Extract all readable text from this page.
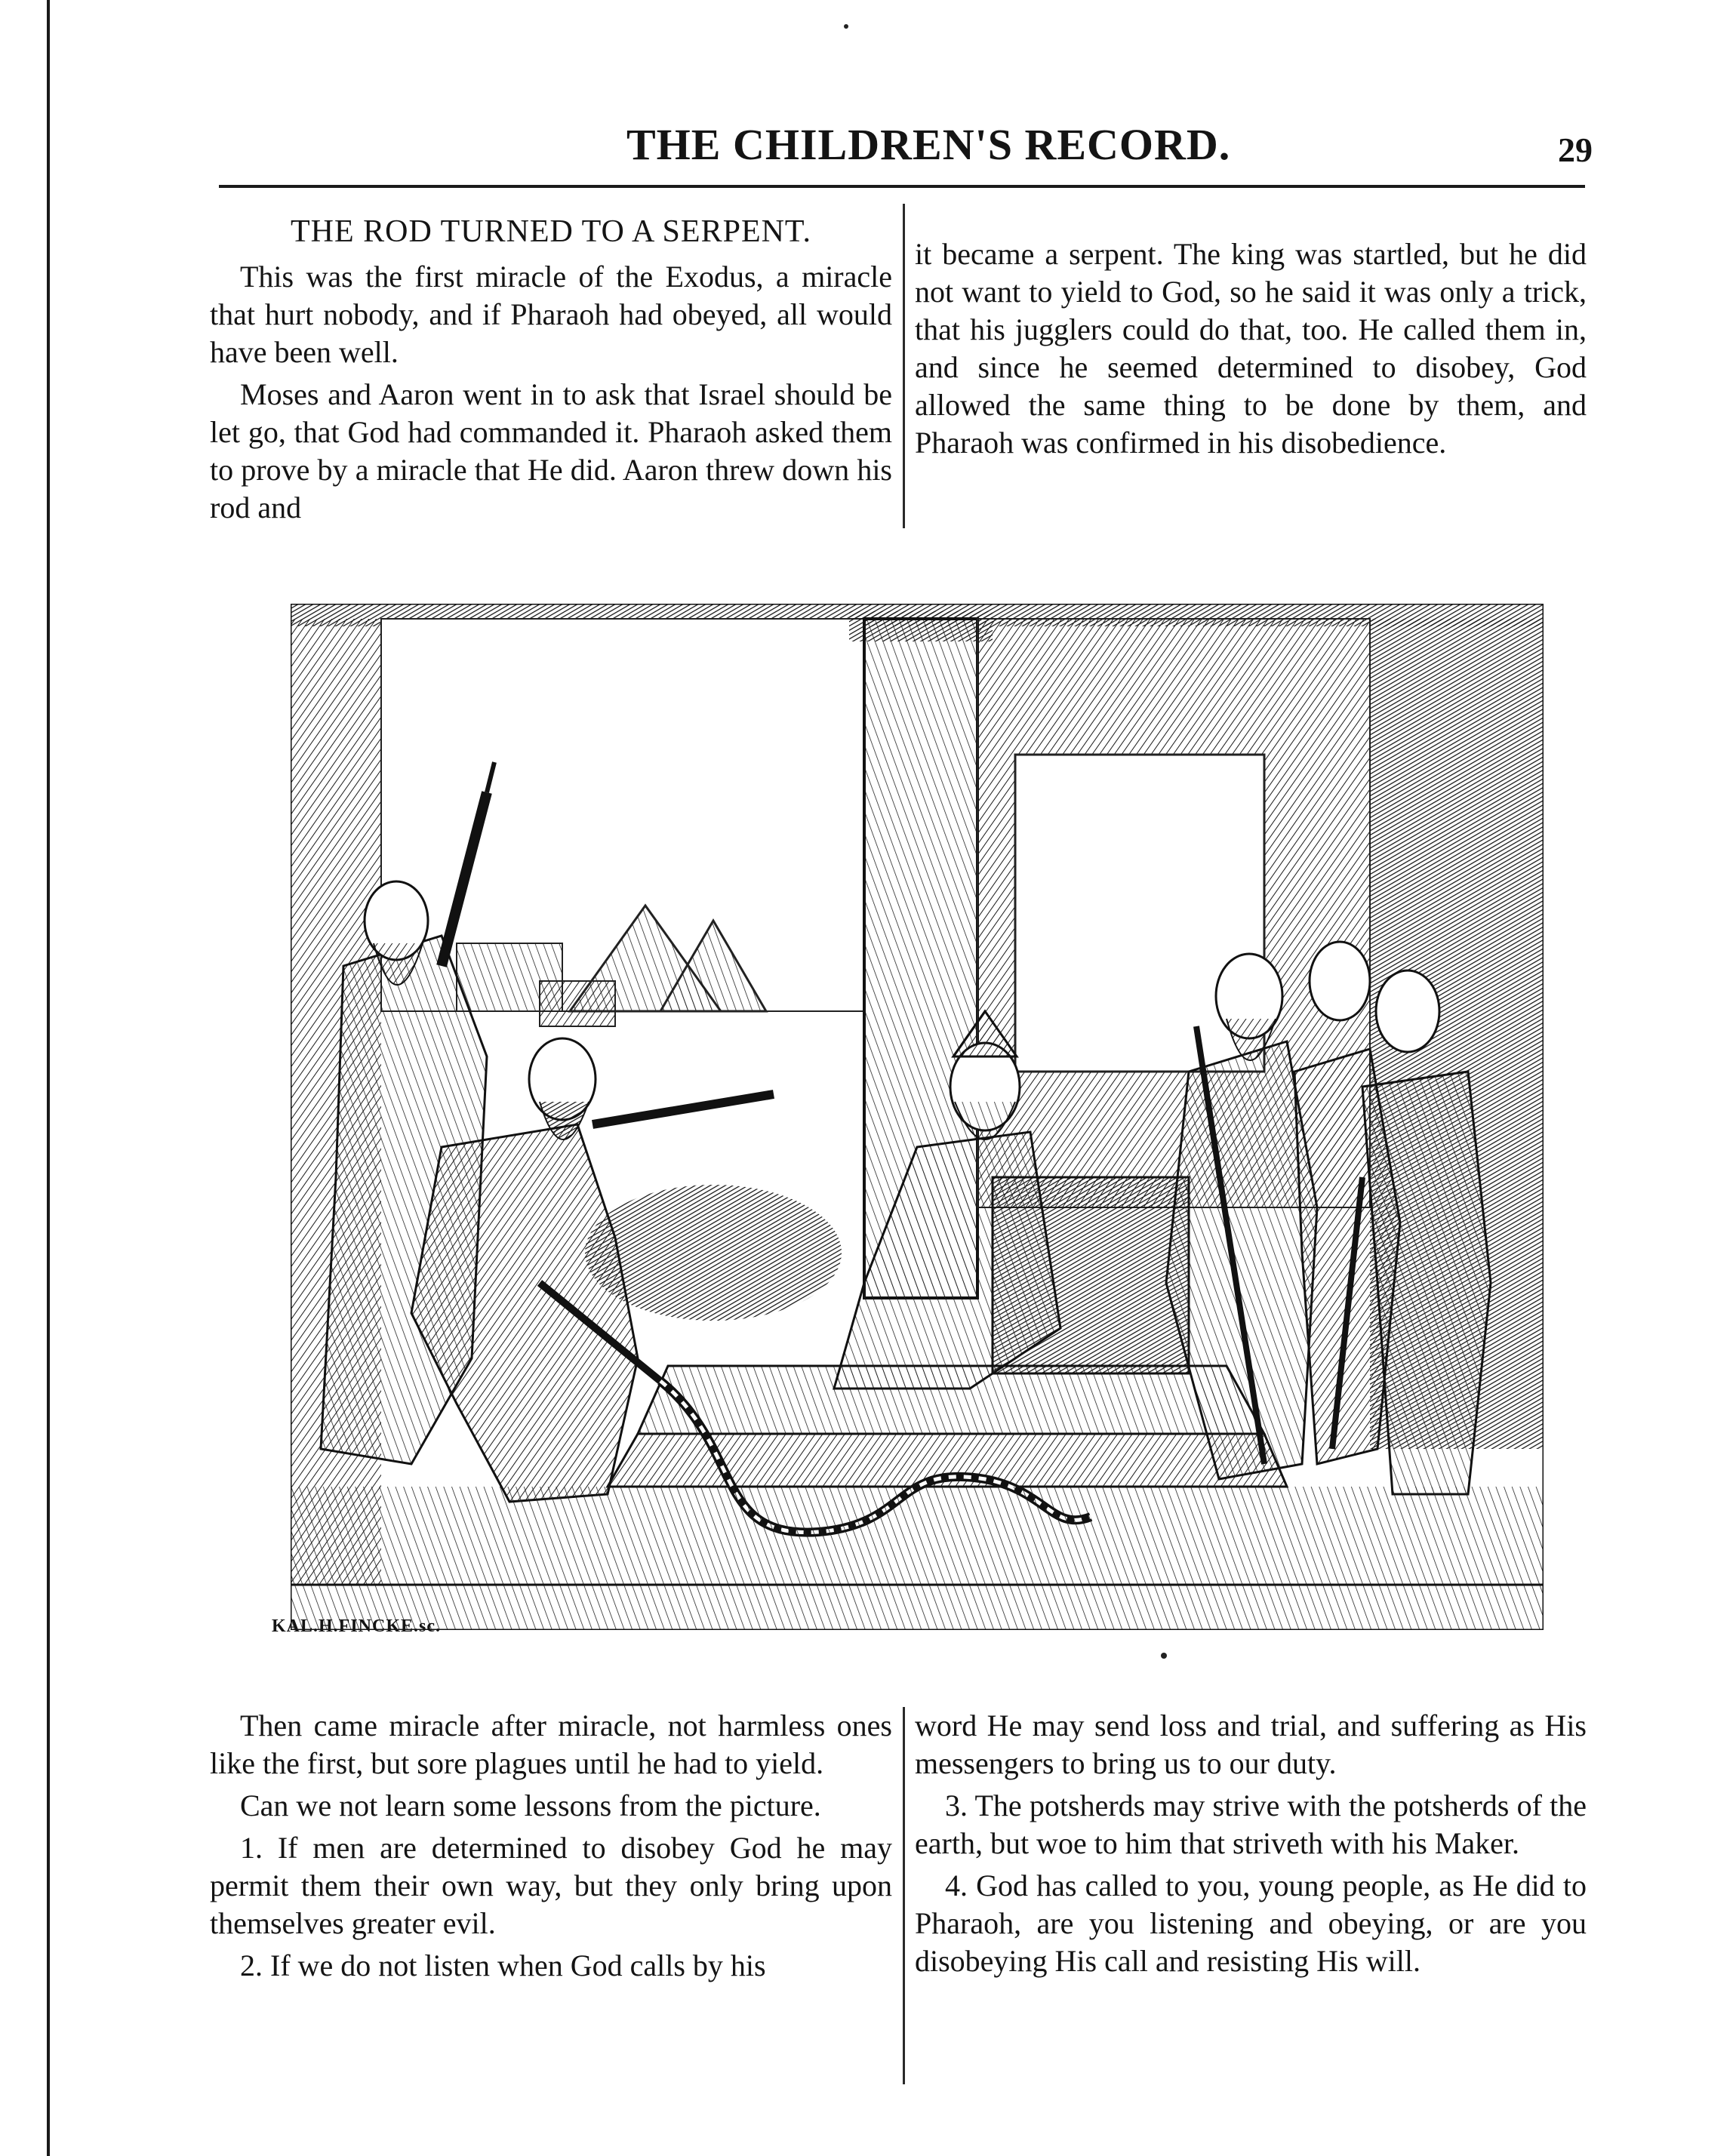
THE CHILDREN'S RECORD.	29
THE ROD TURNED TO A SERPENT.

This was the first miracle of the Exodus, a miracle that hurt nobody, and if Pharaoh had obeyed, all would have been well.

Moses and Aaron went in to ask that Israel should be let go, that God had commanded it. Pharaoh asked them to prove by a miracle that He did. Aaron threw down his rod and

it became a serpent. The king was startled, but he did not want to yield to God, so he said it was only a trick, that his jugglers could do that, too. He called them in, and since he seemed determined to disobey, God allowed the same thing to be done by them, and Pharaoh was confirmed in his disobedience.

KAL.H.FINCKE.sc.

Then came miracle after miracle, not harmless ones like the first, but sore plagues until he had to yield.

Can we not learn some lessons from the picture.

1. If men are determined to disobey God he may permit them their own way, but they only bring upon themselves greater evil.

2. If we do not listen when God calls by his

word He may send loss and trial, and suffering as His messengers to bring us to our duty.

3. The potsherds may strive with the potsherds of the earth, but woe to him that striveth with his Maker.

4. God has called to you, young people, as He did to Pharaoh, are you listening and obeying, or are you disobeying His call and resisting His will.
